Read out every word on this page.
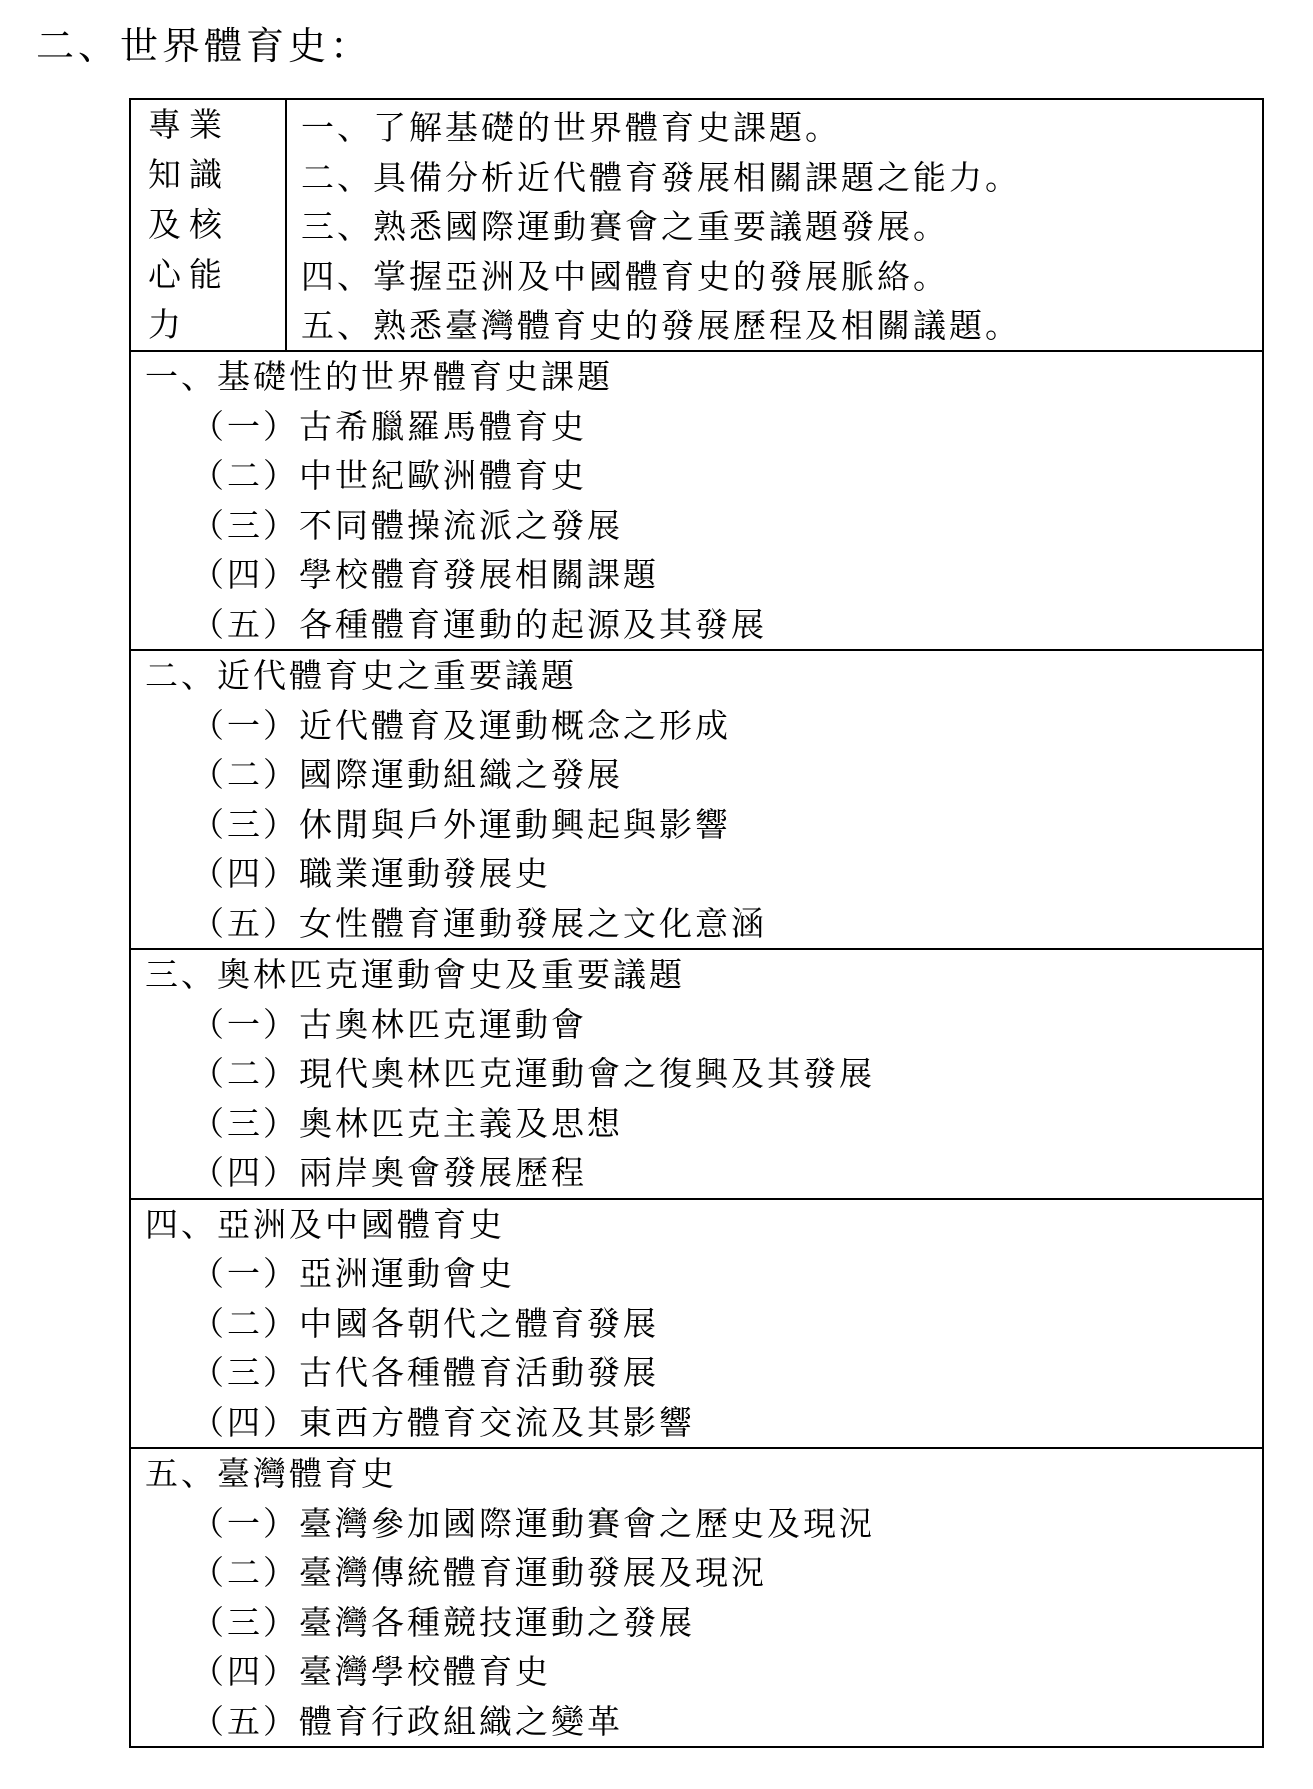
二、世界體育史：
專業知識及核心能力
一、了解基礎的世界體育史課題。
二、具備分析近代體育發展相關課題之能力。
三、熟悉國際運動賽會之重要議題發展。
四、掌握亞洲及中國體育史的發展脈絡。
五、熟悉臺灣體育史的發展歷程及相關議題。
一、基礎性的世界體育史課題
（一）古希臘羅馬體育史
（二）中世紀歐洲體育史
（三）不同體操流派之發展
（四）學校體育發展相關課題
（五）各種體育運動的起源及其發展
二、近代體育史之重要議題
（一）近代體育及運動概念之形成
（二）國際運動組織之發展
（三）休閒與戶外運動興起與影響
（四）職業運動發展史
（五）女性體育運動發展之文化意涵
三、奧林匹克運動會史及重要議題
（一）古奧林匹克運動會
（二）現代奧林匹克運動會之復興及其發展
（三）奧林匹克主義及思想
（四）兩岸奧會發展歷程
四、亞洲及中國體育史
（一）亞洲運動會史
（二）中國各朝代之體育發展
（三）古代各種體育活動發展
（四）東西方體育交流及其影響
五、臺灣體育史
（一）臺灣參加國際運動賽會之歷史及現況
（二）臺灣傳統體育運動發展及現況
（三）臺灣各種競技運動之發展
（四）臺灣學校體育史
（五）體育行政組織之變革
